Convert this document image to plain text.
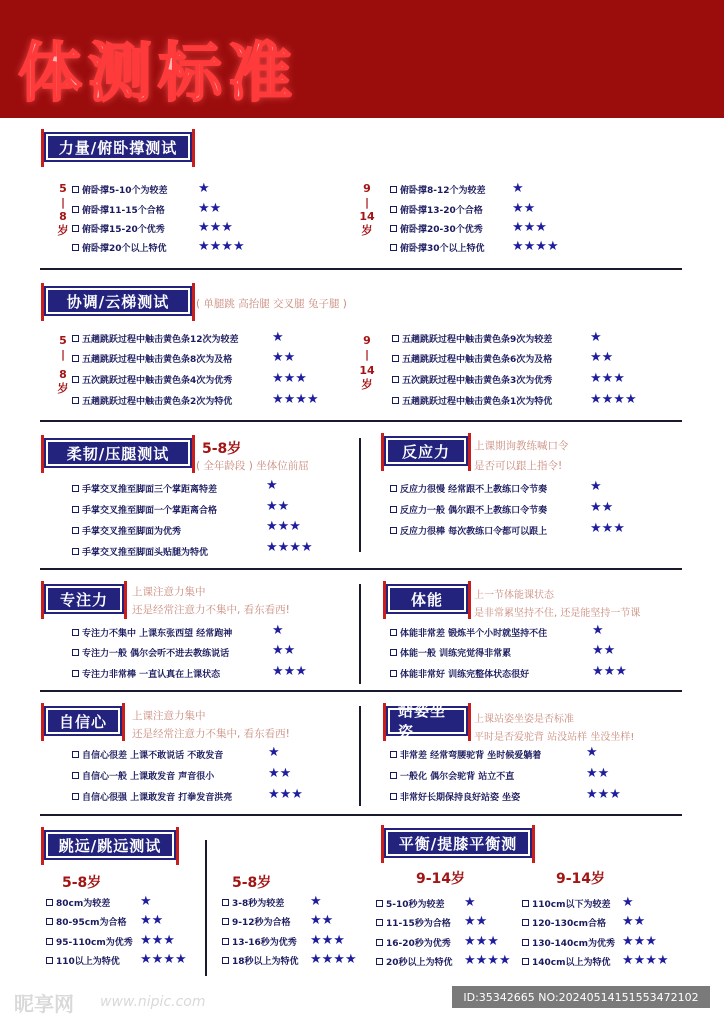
体测标准
力量/俯卧撑测试
5
|
8
岁
俯卧撑5-10个为较差 ★
俯卧撑11-15个合格	★★
俯卧撑15-20个优秀	★★★
俯卧撑20个以上特优 ★★★★
9
|
14
岁
俯卧撑8-12个为较差 ★
俯卧撑13-20个合格 ★★
俯卧撑20-30个优秀 ★★★
俯卧撑30个以上特优 ★★★★
协调/云梯测试	( 单腿跳 高抬腿 交叉腿 兔子腿 )
5
|
8
岁
五趟跳跃过程中触击黄色条12次为较差	★
五趟跳跃过程中触击黄色条8次为及格	★★
五次跳跃过程中触击黄色条4次为优秀	★★★
五趟跳跃过程中触击黄色条2次为特优	★★★★
9
|
14
岁
五趟跳跃过程中触击黄色条9次为较差	★
五趟跳跃过程中触击黄色条6次为及格	★★
五次跳跃过程中触击黄色条3次为优秀	★★★
五趟跳跃过程中触击黄色条1次为特优	★★★★
柔韧/压腿测试	5-8岁
( 全年龄段 ) 坐体位前屈
手掌交叉推至脚面三个掌距离特差	★
手掌交叉推至脚面一个掌距离合格	★★
手掌交叉推至脚面为优秀	★★★
手掌交叉推至脚面头贴腿为特优	★★★★
反应力	上课期询教练喊口令
是否可以跟上指令!
反应力很慢 经常跟不上教练口令节奏	★
反应力一般 偶尔跟不上教练口令节奏	★★
反应力很棒 每次教练口令都可以跟上	★★★
专注力	上课注意力集中
还是经常注意力不集中, 看东看西!
专注力不集中 上课东张西望 经常跑神	★
专注力一般 偶尔会听不进去教练说话	★★
专注力非常棒 一直认真在上课状态	★★★
体能	上一节体能课状态
是非常累坚持不住, 还是能坚持一节课
体能非常差 锻炼半个小时就坚持不住	★
体能一般 训练完觉得非常累	★★
体能非常好 训练完整体状态很好	★★★
自信心	上课注意力集中
还是经常注意力不集中, 看东看西!
自信心很差 上课不敢说话 不敢发音	★
自信心一般 上课敢发音 声音很小	★★
自信心很强 上课敢发音 打拳发音洪亮	★★★
站姿坐姿
上课站姿坐姿是否标准
平时是否爱驼背 站没站样 坐没坐样!
非常差 经常弯腰驼背 坐时候爱躺着	★
一般化 偶尔会驼背 站立不直	★★
非常好长期保持良好站姿 坐姿	★★★
跳远/跳远测试
5-8岁
80cm为较差 ★
80-95cm为合格 ★★
95-110cm为优秀 ★★★
110以上为特优 ★★★★
5-8岁
3-8秒为较差 ★
9-12秒为合格 ★★
13-16秒为优秀 ★★★
18秒以上为特优 ★★★★
平衡/提膝平衡测
9-14岁	9-14岁
5-10秒为较差 ★
11-15秒为合格 ★★
16-20秒为优秀 ★★★
20秒以上为特优 ★★★★
110cm以下为较差 ★
120-130cm合格 ★★
130-140cm为优秀 ★★★
140cm以上为特优 ★★★★
昵享网 www.nipic.com	ID:35342665 NO:20240514151553472102
